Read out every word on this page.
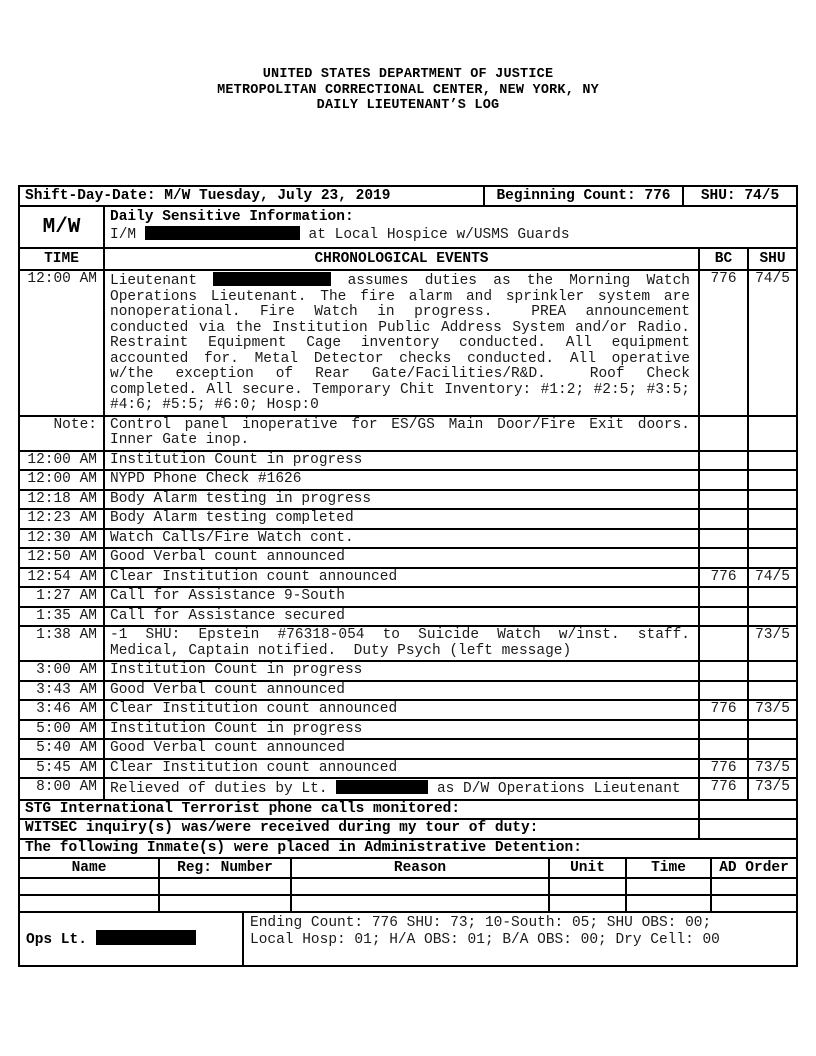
UNITED STATES DEPARTMENT OF JUSTICE
METROPOLITAN CORRECTIONAL CENTER, NEW YORK, NY
DAILY LIEUTENANT’S LOG
Shift-Day-Date: M/W Tuesday, July 23, 2019		Beginning Count: 776	SHU: 74/5
M/W	Daily Sensitive Information:
I/M at Local Hospice w/USMS Guards		
TIME	CHRONOLOGICAL EVENTS	BC	SHU
12:00 AM	Lieutenant assumes duties as the Morning Watch Operations Lieutenant. The fire alarm and sprinkler system are nonoperational. Fire Watch in progress.  PREA announcement conducted via the Institution Public Address System and/or Radio. Restraint Equipment Cage inventory conducted. All equipment accounted for. Metal Detector checks conducted. All operative w⁠/⁠the exception of Rear Gate/Facilities/R&D.  Roof Check completed. All secure. Temporary Chit Inventory: #1:2; #2:5; #3:5; #4:6; #5:5; #6:0; Hosp:0	776	74/5
Note:	Control panel inoperative for ES/GS Main Door/Fire Exit doors. Inner Gate inop.		
12:00 AM	Institution Count in progress		
12:00 AM	NYPD Phone Check #1626		
12:18 AM	Body Alarm testing in progress		
12:23 AM	Body Alarm testing completed		
12:30 AM	Watch Calls/Fire Watch cont.		
12:50 AM	Good Verbal count announced		
12:54 AM	Clear Institution count announced	776	74/5
1:27 AM	Call for Assistance 9-South		
1:35 AM	Call for Assistance secured		
1:38 AM	-1 SHU: Epstein #76318-054 to Suicide Watch w/inst. staff. Medical, Captain notified.  Duty Psych (left message)		73/5
3:00 AM	Institution Count in progress		
3:43 AM	Good Verbal count announced		
3:46 AM	Clear Institution count announced	776	73/5
5:00 AM	Institution Count in progress		
5:40 AM	Good Verbal count announced		
5:45 AM	Clear Institution count announced	776	73/5
8:00 AM	Relieved of duties by Lt. as D/W Operations Lieutenant	776	73/5
STG International Terrorist phone calls monitored:			
WITSEC inquiry(s) was/were received during my tour of duty:			
The following Inmate(s) were placed in Administrative Detention:			
Name	Reg: Number	Reason	Unit	Time	AD Order

Ops Lt.	
Ending Count: 776 SHU: 73; 10-South: 05; SHU OBS: 00;
Local Hosp: 01; H/A OBS: 01; B/A OBS: 00; Dry Cell: 00
